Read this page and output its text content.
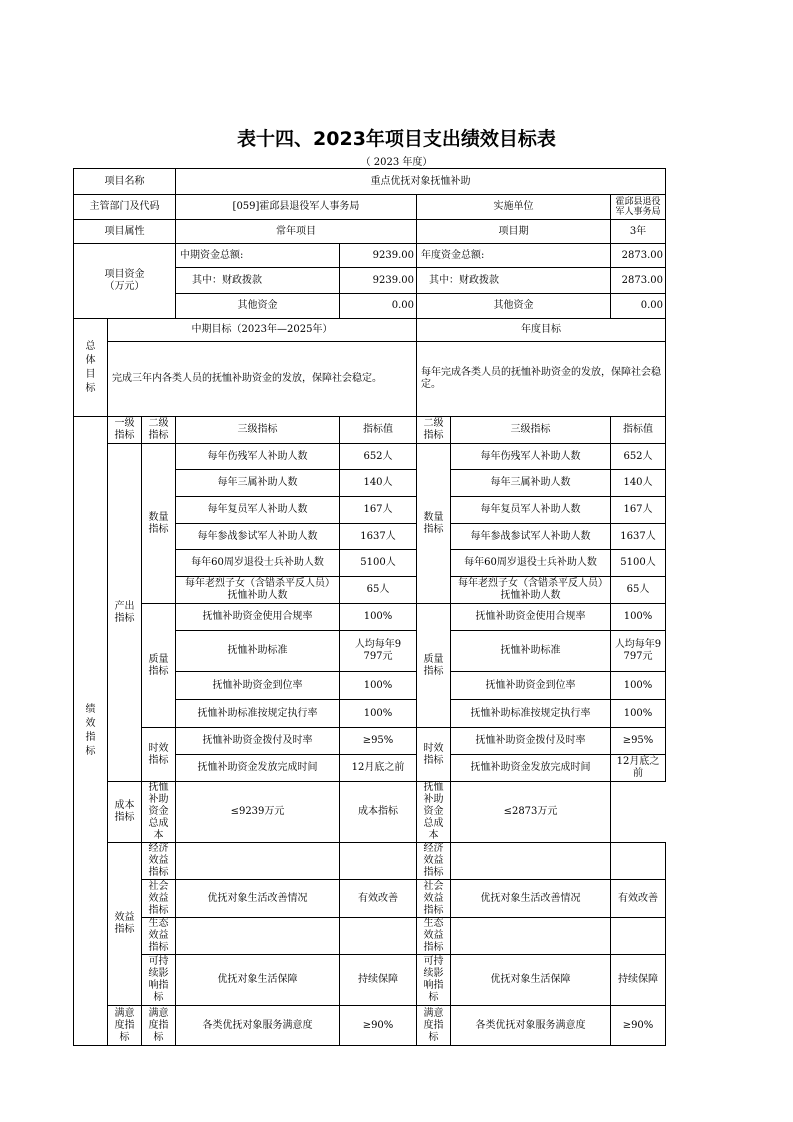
表十四、2023年项目支出绩效目标表
（ 2023 年度）
项目名称			重点优抚对象抚恤补助				
主管部门及代码			[059]霍邱县退役军人事务局		实施单位		霍邱县退役军人事务局
项目属性			常年项目		项目期		3年
项目资金（万元）			中期资金总额:	9239.00	年度资金总额:		2873.00
			其中：财政拨款	9239.00	其中：财政拨款		2873.00
			其他资金	0.00	其他资金		0.00
总体目标	中期目标（2023年—2025年）				年度目标		
	完成三年内各类人员的抚恤补助资金的发放，保障社会稳定。				每年完成各类人员的抚恤补助资金的发放，保障社会稳定。		
绩效指标	一级指标	二级指标	三级指标	指标值	二级指标	三级指标	指标值
	产出指标	数量指标	每年伤残军人补助人数	652人	数量指标	每年伤残军人补助人数	652人
			每年三属补助人数	140人		每年三属补助人数	140人
			每年复员军人补助人数	167人		每年复员军人补助人数	167人
			每年参战参试军人补助人数	1637人		每年参战参试军人补助人数	1637人
			每年60周岁退役士兵补助人数	5100人		每年60周岁退役士兵补助人数	5100人
			每年老烈子女（含错杀平反人员）抚恤补助人数	65人		每年老烈子女（含错杀平反人员）抚恤补助人数	65人
		质量指标	抚恤补助资金使用合规率	100%	质量指标	抚恤补助资金使用合规率	100%
			抚恤补助标准	人均每年9797元		抚恤补助标准	人均每年9797元
			抚恤补助资金到位率	100%		抚恤补助资金到位率	100%
			抚恤补助标准按规定执行率	100%		抚恤补助标准按规定执行率	100%
		时效指标	抚恤补助资金拨付及时率	≥95%	时效指标	抚恤补助资金拨付及时率	≥95%
			抚恤补助资金发放完成时间	12月底之前		抚恤补助资金发放完成时间	12月底之前
	成本指标	抚恤补助资金总成本	≤9239万元	成本指标	抚恤补助资金总成本	≤2873万元	
	效益指标	经济效益指标			经济效益指标		
		社会效益指标	优抚对象生活改善情况	有效改善	社会效益指标	优抚对象生活改善情况	有效改善
		生态效益指标			生态效益指标		
		可持续影响指标	优抚对象生活保障	持续保障	可持续影响指标	优抚对象生活保障	持续保障
	满意度指标	满意度指标	各类优抚对象服务满意度	≥90%	满意度指标	各类优抚对象服务满意度	≥90%
